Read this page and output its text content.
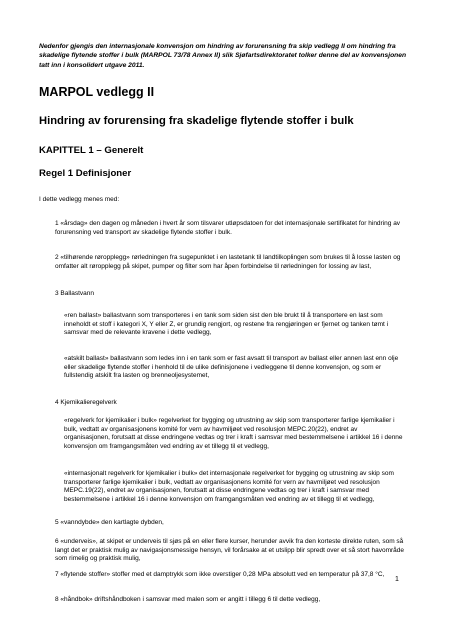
Nedenfor gjengis den internasjonale konvensjon om hindring av forurensning fra skip vedlegg II om hindring fra skadelige flytende stoffer i bulk (MARPOL 73/78 Annex II) slik Sjøfartsdirektoratet tolker denne del av konvensjonen tatt inn i konsolidert utgave 2011.
MARPOL vedlegg II
Hindring av forurensing fra skadelige flytende stoffer i bulk
KAPITTEL 1 – Generelt
Regel 1 Definisjoner
I dette vedlegg menes med:
1 «årsdag» den dagen og måneden i hvert år som tilsvarer utløpsdatoen for det internasjonale sertifikatet for hindring av forurensning ved transport av skadelige flytende stoffer i bulk.
2 «tilhørende røropplegg» rørledningen fra sugepunktet i en lastetank til landtilkoplingen som brukes til å losse lasten og omfatter alt røropplegg på skipet, pumper og filter som har åpen forbindelse til rørledningen for lossing av last,
3 Ballastvann
«ren ballast» ballastvann som transporteres i en tank som siden sist den ble brukt til å transportere en last som inneholdt et stoff i kategori X, Y eller Z, er grundig rengjort, og restene fra rengjøringen er fjernet og tanken tømt i samsvar med de relevante kravene i dette vedlegg,
«atskilt ballast» ballastvann som ledes inn i en tank som er fast avsatt til transport av ballast eller annen last enn olje eller skadelige flytende stoffer i henhold til de ulike definisjonene i vedleggene til denne konvensjon, og som er fullstendig atskilt fra lasten og brenneoljesystemet,
4 Kjemikalieregelverk
«regelverk for kjemikalier i bulk» regelverket for bygging og utrustning av skip som transporterer farlige kjemikalier i bulk, vedtatt av organisasjonens komité for vern av havmiljøet ved resolusjon MEPC.20(22), endret av organisasjonen, forutsatt at disse endringene vedtas og trer i kraft i samsvar med bestemmelsene i artikkel 16 i denne konvensjon om framgangsmåten ved endring av et tillegg til et vedlegg,
«internasjonalt regelverk for kjemikalier i bulk» det internasjonale regelverket for bygging og utrustning av skip som transporterer farlige kjemikalier i bulk, vedtatt av organisasjonens komité for vern av havmiljøet ved resolusjon MEPC.19(22), endret av organisasjonen, forutsatt at disse endringene vedtas og trer i kraft i samsvar med bestemmelsene i artikkel 16 i denne konvensjon om framgangsmåten ved endring av et tillegg til et vedlegg,
5 «vanndybde» den kartlagte dybden,
6 «underveis», at skipet er underveis til sjøs på en eller flere kurser, herunder avvik fra den korteste direkte ruten, som så langt det er praktisk mulig av navigasjonsmessige hensyn, vil forårsake at et utslipp blir spredt over et så stort havområde som rimelig og praktisk mulig,
7 «flytende stoffer» stoffer med et damptrykk som ikke overstiger 0,28 MPa absolutt ved en temperatur på 37,8 °C,
8 «håndbok» driftshåndboken i samsvar med malen som er angitt i tillegg 6 til dette vedlegg,
1
